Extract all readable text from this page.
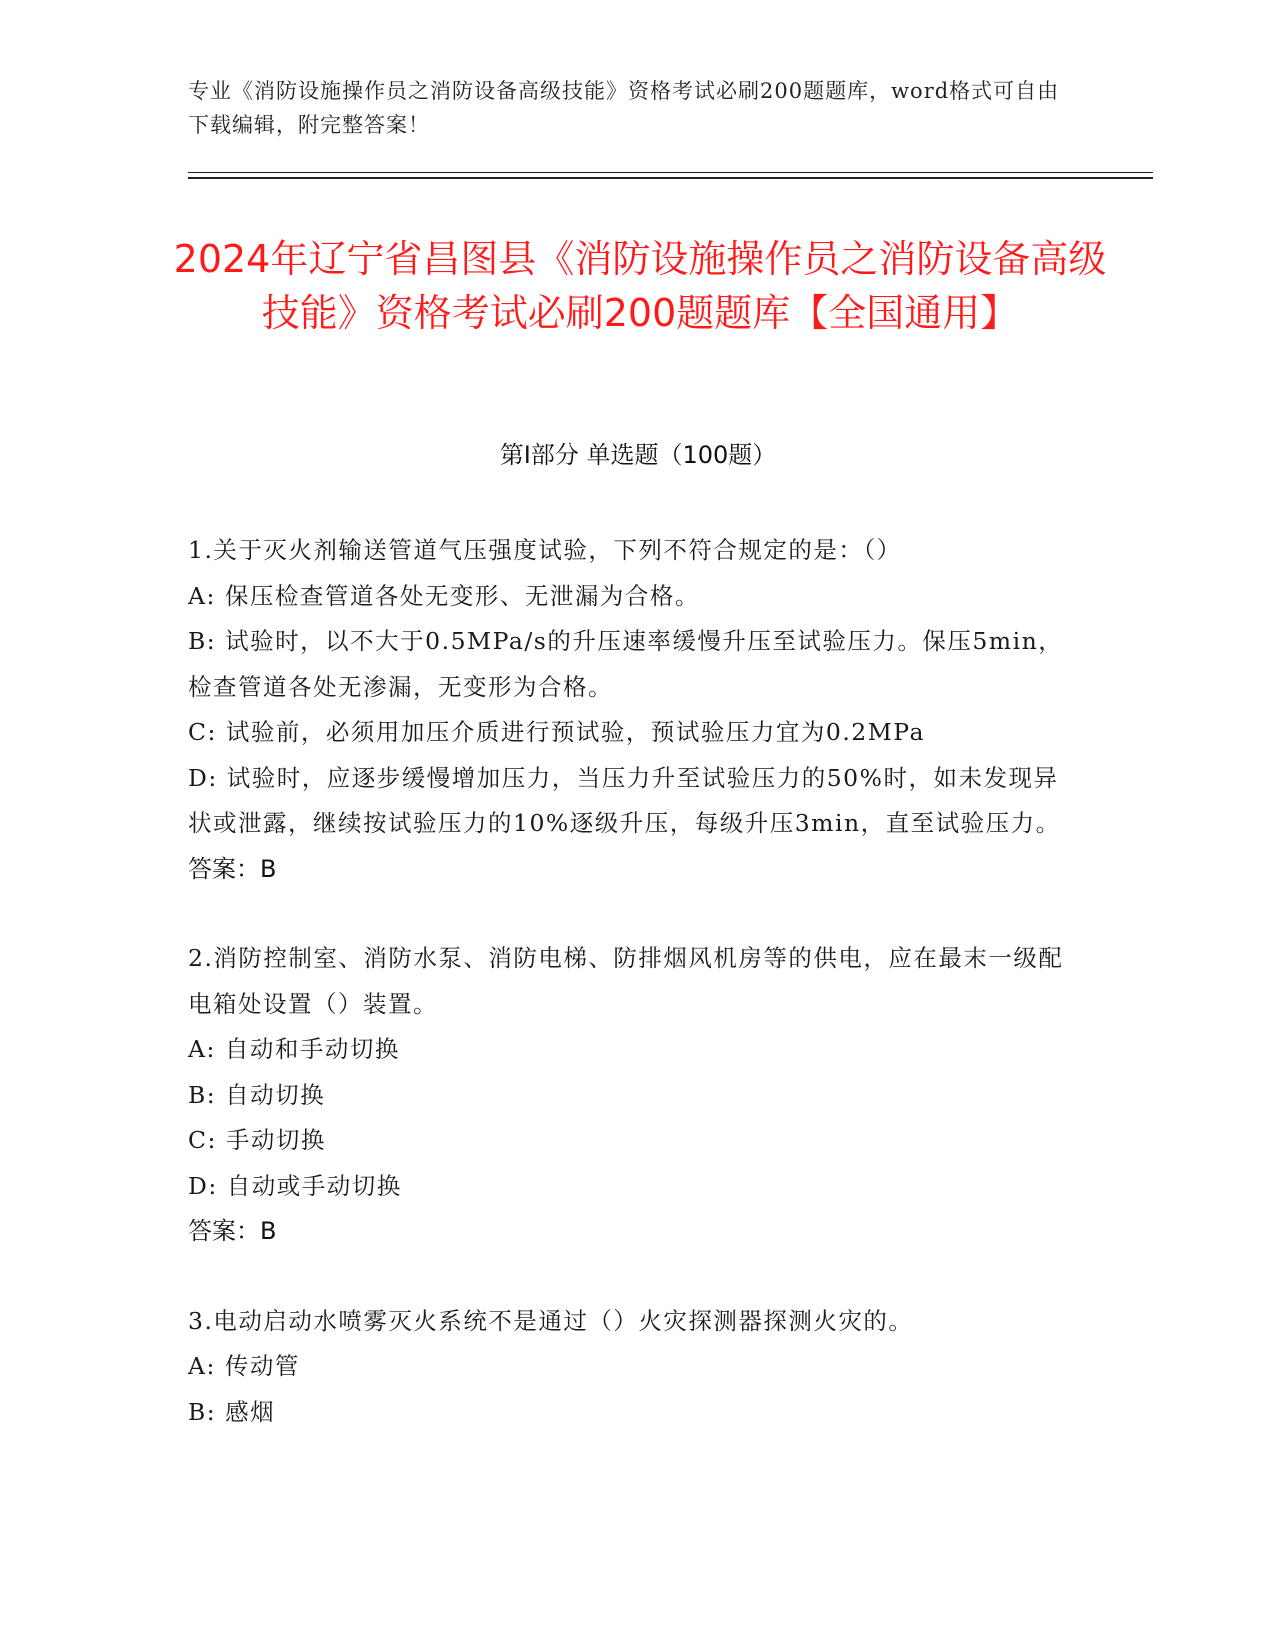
专业《消防设施操作员之消防设备高级技能》资格考试必刷200题题库，word格式可自由下载编辑，附完整答案！
2024年辽宁省昌图县《消防设施操作员之消防设备高级技能》资格考试必刷200题题库【全国通用】
第Ⅰ部分 单选题（100题）
1.关于灭火剂输送管道气压强度试验，下列不符合规定的是：（）
A: 保压检查管道各处无变形、无泄漏为合格。
B: 试验时，以不大于0.5MPa/s的升压速率缓慢升压至试验压力。保压5min，检查管道各处无渗漏，无变形为合格。
C: 试验前，必须用加压介质进行预试验，预试验压力宜为0.2MPa
D: 试验时，应逐步缓慢增加压力，当压力升至试验压力的50%时，如未发现异状或泄露，继续按试验压力的10%逐级升压，每级升压3min，直至试验压力。
答案：B
2.消防控制室、消防水泵、消防电梯、防排烟风机房等的供电，应在最末一级配电箱处设置（）装置。
A: 自动和手动切换
B: 自动切换
C: 手动切换
D: 自动或手动切换
答案：B
3.电动启动水喷雾灭火系统不是通过（）火灾探测器探测火灾的。
A: 传动管
B: 感烟
